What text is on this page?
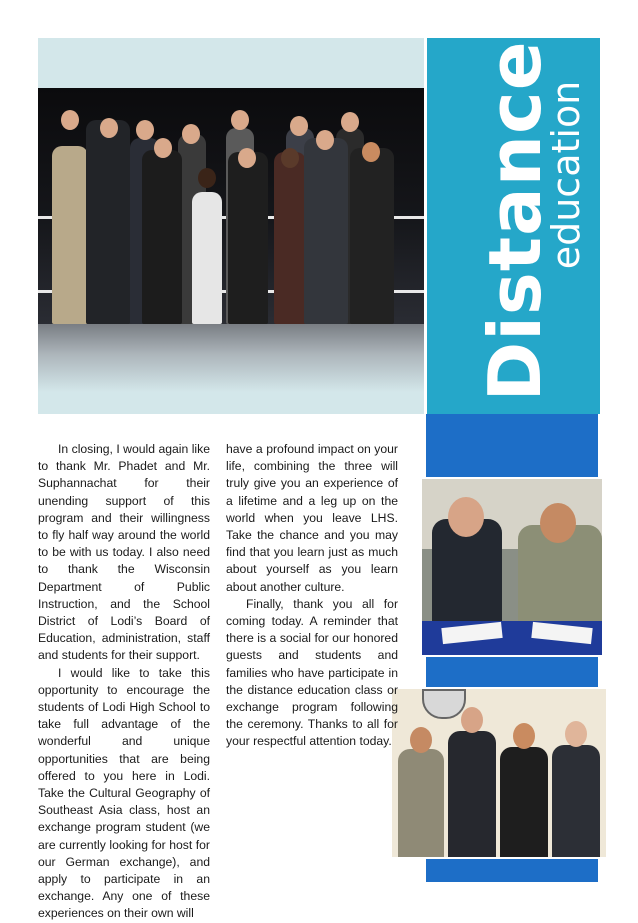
Distance
education

In closing, I would again like to thank Mr. Phadet and Mr. Suphannachat for their unending support of this program and their willingness to fly half way around the world to be with us today. I also need to thank the Wisconsin Department of Public Instruction, and the School District of Lodi’s Board of Education, administration, staff and students for their support.

I would like to take this opportunity to encourage the students of Lodi High School to take full advantage of the wonderful and unique opportunities that are being offered to you here in Lodi. Take the Cultural Geography of Southeast Asia class, host an exchange program student (we are currently looking for host for our German exchange), and apply to participate in an exchange. Any one of these experiences on their own will

have a profound impact on your life, combining the three will truly give you an experience of a lifetime and a leg up on the world when you leave LHS. Take the chance and you may find that you learn just as much about yourself as you learn about another culture.

Finally, thank you all for coming today. A reminder that there is a social for our honored guests and students and families who have participate in the distance education class or exchange program following the ceremony. Thanks to all for your respectful attention today.
